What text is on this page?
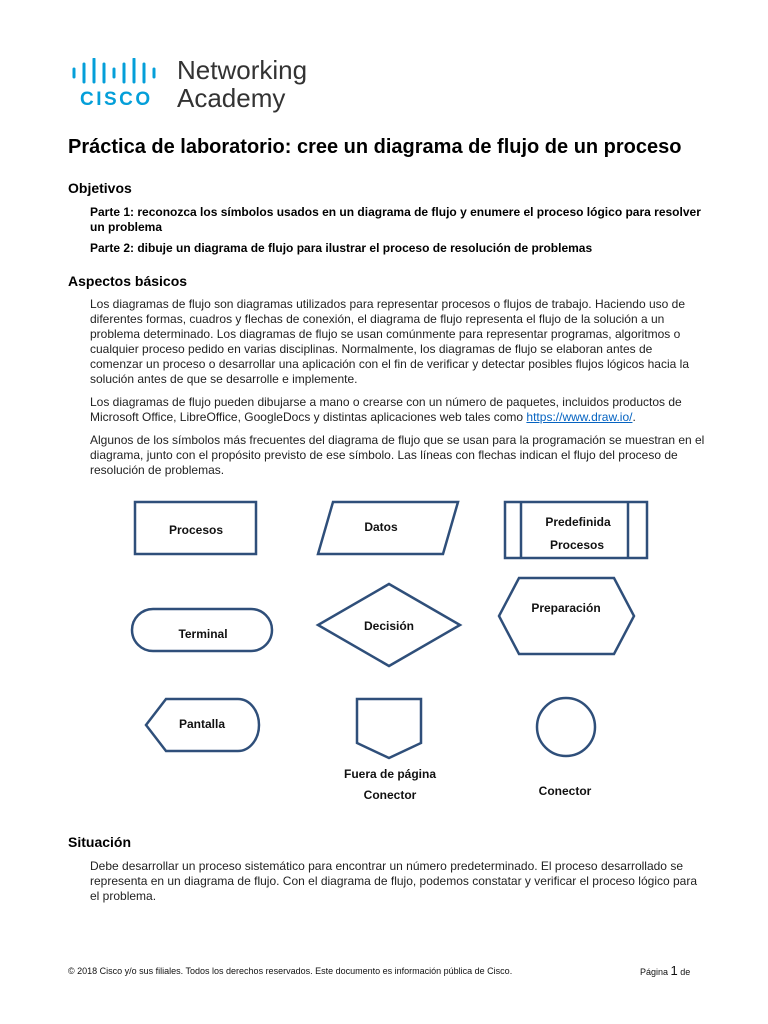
CISCO
Networking
Academy
Práctica de laboratorio: cree un diagrama de flujo de un proceso
Objetivos
Parte 1: reconozca los símbolos usados en un diagrama de flujo y enumere el proceso lógico para resolver un problema
Parte 2: dibuje un diagrama de flujo para ilustrar el proceso de resolución de problemas
Aspectos básicos
Los diagramas de flujo son diagramas utilizados para representar procesos o flujos de trabajo. Haciendo uso de diferentes formas, cuadros y flechas de conexión, el diagrama de flujo representa el flujo de la solución a un problema determinado. Los diagramas de flujo se usan comúnmente para representar programas, algoritmos o cualquier proceso pedido en varias disciplinas. Normalmente, los diagramas de flujo se elaboran antes de comenzar un proceso o desarrollar una aplicación con el fin de verificar y detectar posibles flujos lógicos hacia la solución antes de que se desarrolle e implemente.
Los diagramas de flujo pueden dibujarse a mano o crearse con un número de paquetes, incluidos productos de Microsoft Office, LibreOffice, GoogleDocs y distintas aplicaciones web tales como https://www.draw.io/.
Algunos de los símbolos más frecuentes del diagrama de flujo que se usan para la programación se muestran en el diagrama, junto con el propósito previsto de ese símbolo. Las líneas con flechas indican el flujo del proceso de resolución de problemas.
Procesos	Datos	Predefinida
Procesos
Terminal
Decisión
Preparación
Pantalla
Fuera de página
Conector	Conector
Situación
Debe desarrollar un proceso sistemático para encontrar un número predeterminado. El proceso desarrollado se representa en un diagrama de flujo. Con el diagrama de flujo, podemos constatar y verificar el proceso lógico para el problema.
© 2018 Cisco y/o sus filiales. Todos los derechos reservados. Este documento es información pública de Cisco.	Página 1 de
